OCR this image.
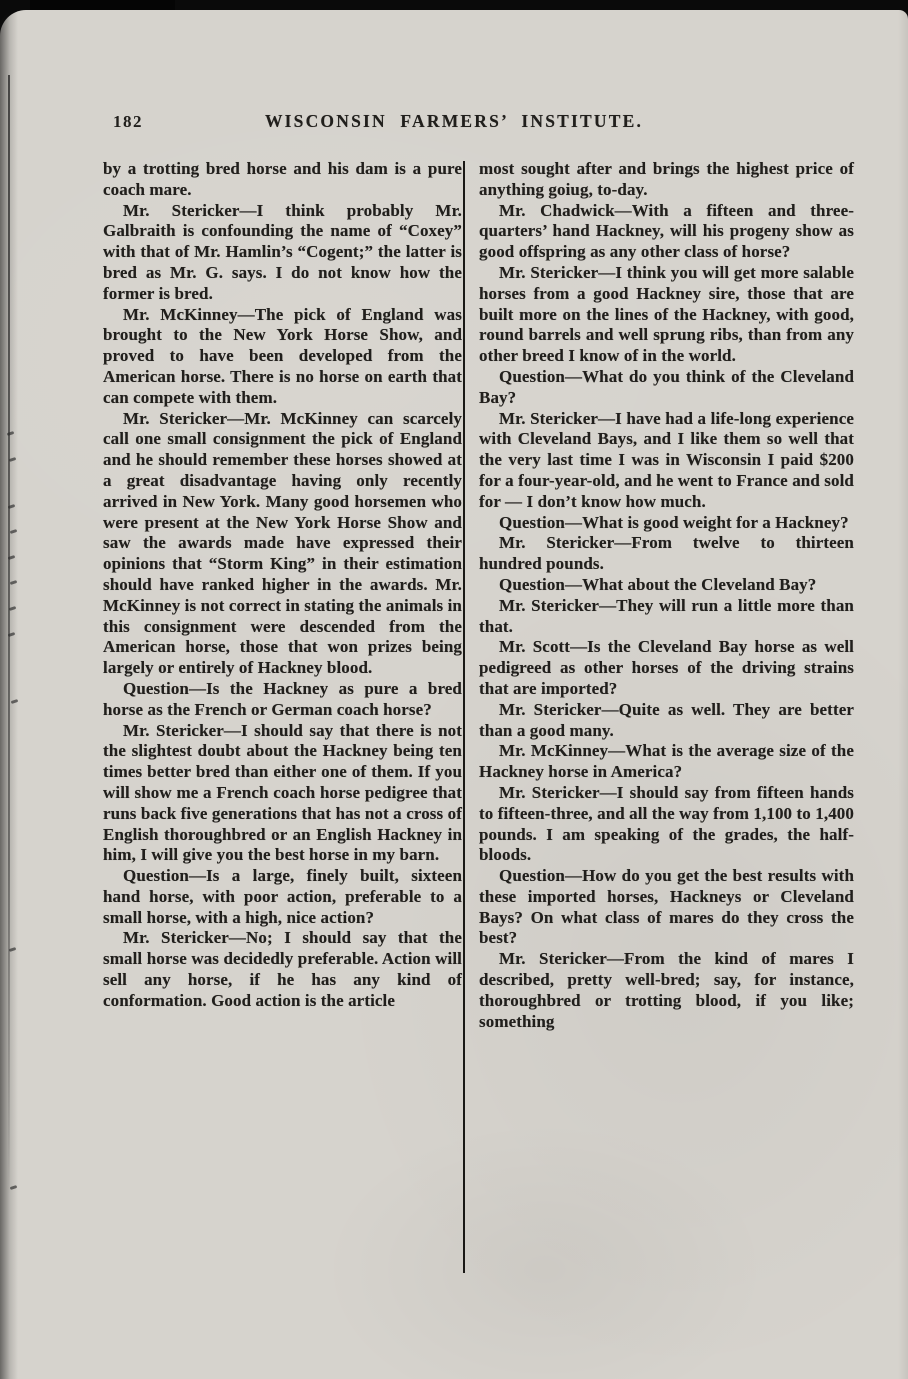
182	WISCONSIN FARMERS’ INSTITUTE.

by a trotting bred horse and his dam is a pure coach mare.

Mr. Stericker—I think probably Mr. Galbraith is confounding the name of “Coxey” with that of Mr. Hamlin’s “Cogent;” the latter is bred as Mr. G. says. I do not know how the former is bred.

Mr. McKinney—The pick of England was brought to the New York Horse Show, and proved to have been developed from the American horse. There is no horse on earth that can compete with them.

Mr. Stericker—Mr. McKinney can scarcely call one small consignment the pick of England and he should remember these horses showed at a great disadvantage having only recently arrived in New York. Many good horsemen who were present at the New York Horse Show and saw the awards made have expressed their opinions that “Storm King” in their estimation should have ranked higher in the awards. Mr. McKinney is not correct in stating the animals in this consignment were descended from the American horse, those that won prizes being largely or entirely of Hackney blood.

Question—Is the Hackney as pure a bred horse as the French or German coach horse?

Mr. Stericker—I should say that there is not the slightest doubt about the Hackney being ten times better bred than either one of them. If you will show me a French coach horse pedigree that runs back five generations that has not a cross of English thoroughbred or an English Hackney in him, I will give you the best horse in my barn.

Question—Is a large, finely built, sixteen hand horse, with poor action, preferable to a small horse, with a high, nice action?

Mr. Stericker—No; I should say that the small horse was decidedly preferable. Action will sell any horse, if he has any kind of conformation. Good action is the article

most sought after and brings the highest price of anything goiug, to-day.

Mr. Chadwick—With a fifteen and three-quarters’ hand Hackney, will his progeny show as good offspring as any other class of horse?

Mr. Stericker—I think you will get more salable horses from a good Hackney sire, those that are built more on the lines of the Hackney, with good, round barrels and well sprung ribs, than from any other breed I know of in the world.

Question—What do you think of the Cleveland Bay?

Mr. Stericker—I have had a life-long experience with Cleveland Bays, and I like them so well that the very last time I was in Wisconsin I paid $200 for a four-year-old, and he went to France and sold for — I don’t know how much.

Question—What is good weight for a Hackney?

Mr. Stericker—From twelve to thirteen hundred pounds.

Question—What about the Cleveland Bay?

Mr. Stericker—They will run a little more than that.

Mr. Scott—Is the Cleveland Bay horse as well pedigreed as other horses of the driving strains that are imported?

Mr. Stericker—Quite as well. They are better than a good many.

Mr. McKinney—What is the average size of the Hackney horse in America?

Mr. Stericker—I should say from fifteen hands to fifteen-three, and all the way from 1,100 to 1,400 pounds. I am speaking of the grades, the half-bloods.

Question—How do you get the best results with these imported horses, Hackneys or Cleveland Bays? On what class of mares do they cross the best?

Mr. Stericker—From the kind of mares I described, pretty well-bred; say, for instance, thoroughbred or trotting blood, if you like; something
